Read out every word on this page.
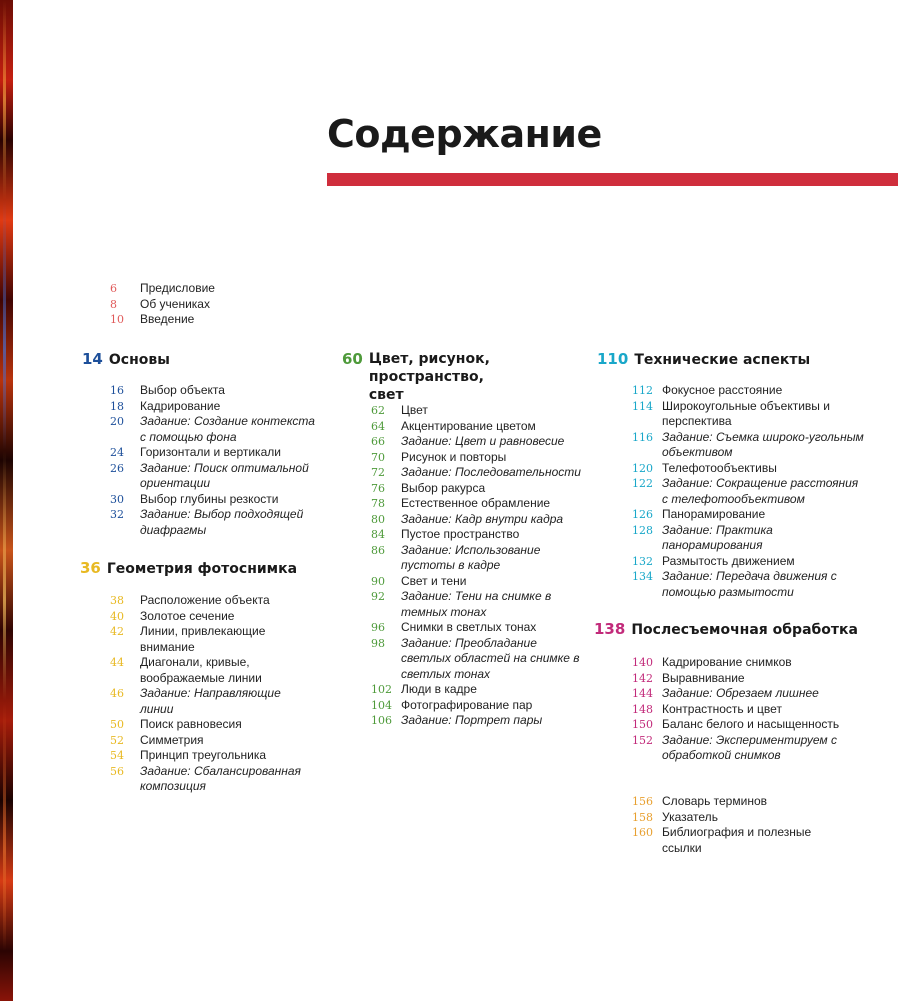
Содержание
6	Предисловие
8	Об учениках
10	Введение
14 Основы
16	Выбор объекта
18	Кадрирование
20	Задание: Создание контекста с помощью фона
24	Горизонтали и вертикали
26	Задание: Поиск оптимальной ориентации
30	Выбор глубины резкости
32	Задание: Выбор подходящей диафрагмы
36 Геометрия фотоснимка
38	Расположение объекта
40	Золотое сечение
42	Линии, привлекающие внимание
44	Диагонали, кривые, воображаемые линии
46	Задание: Направляющие линии
50	Поиск равновесия
52	Симметрия
54	Принцип треугольника
56	Задание: Сбалансированная композиция
60 Цвет, рисунок, пространство, свет
62	Цвет
64	Акцентирование цветом
66	Задание: Цвет и равновесие
70	Рисунок и повторы
72	Задание: Последовательности
76	Выбор ракурса
78	Естественное обрамление
80	Задание: Кадр внутри кадра
84	Пустое пространство
86	Задание: Использование пустоты в кадре
90	Свет и тени
92	Задание: Тени на снимке в темных тонах
96	Снимки в светлых тонах
98	Задание: Преобладание светлых областей на снимке в светлых тонах
102 Люди в кадре
104 Фотографирование пар
106 Задание: Портрет пары
110 Технические аспекты
112 Фокусное расстояние
114 Широкоугольные объективы и перспектива
116 Задание: Съемка широко-угольным объективом
120 Телефотообъективы
122 Задание: Сокращение расстояния с телефотообъективом
126 Панорамирование
128 Задание: Практика панорамирования
132 Размытость движением
134 Задание: Передача движения с помощью размытости
138 Послесъемочная обработка
140 Кадрирование снимков
142 Выравнивание
144 Задание: Обрезаем лишнее
148 Контрастность и цвет
150 Баланс белого и насыщенность
152 Задание: Экспериментируем с обработкой снимков
156 Словарь терминов
158 Указатель
160 Библиография и полезные ссылки
